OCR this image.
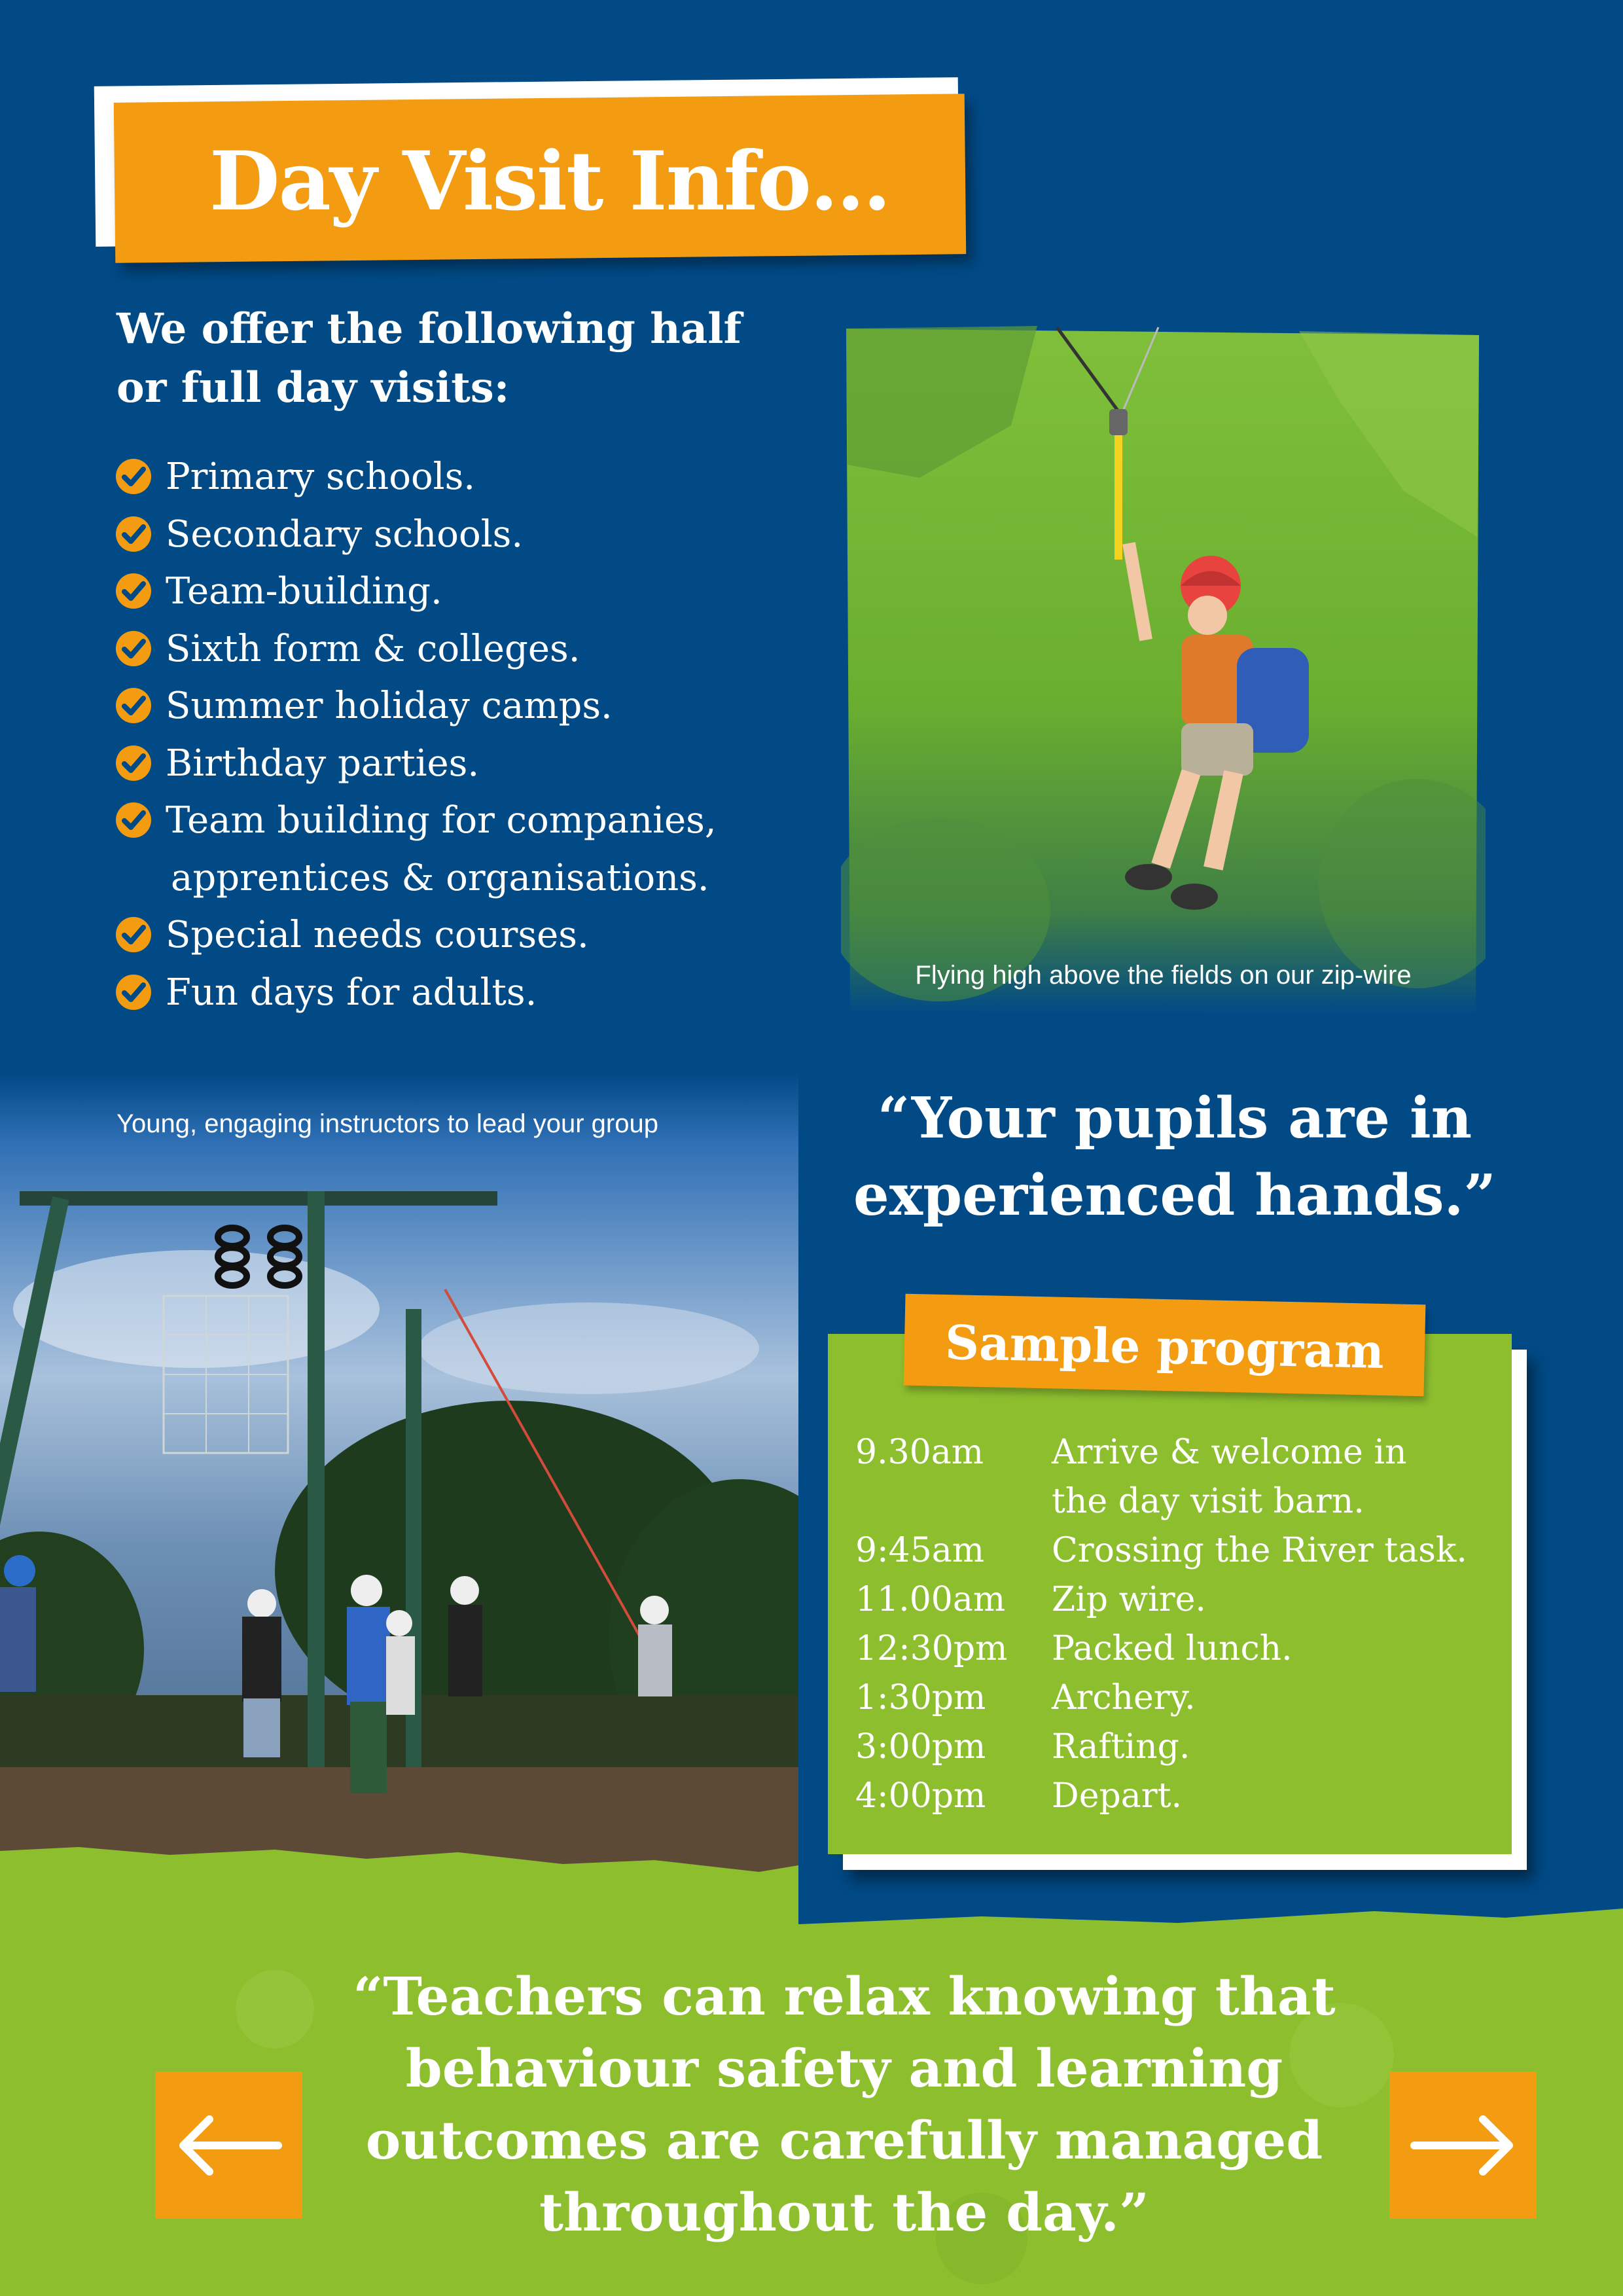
Day Visit Info…
We offer the following half
or full day visits:
Primary schools.
Secondary schools.
Team-building.
Sixth form & colleges.
Summer holiday camps.
Birthday parties.
Team building for companies,
apprentices & organisations.
Special needs courses.
Fun days for adults.	Flying high above the fields on our zip-wire
Young, engaging instructors to lead your group	“Your pupils are in
experienced hands.”
Sample program
9.30am	Arrive & welcome in
the day visit barn.
9:45am	Crossing the River task.
11.00am	Zip wire.
12:30pm	Packed lunch.
1:30pm	Archery.
3:00pm	Rafting.
4:00pm	Depart.
“Teachers can relax knowing that
behaviour safety and learning
outcomes are carefully managed
throughout the day.”
